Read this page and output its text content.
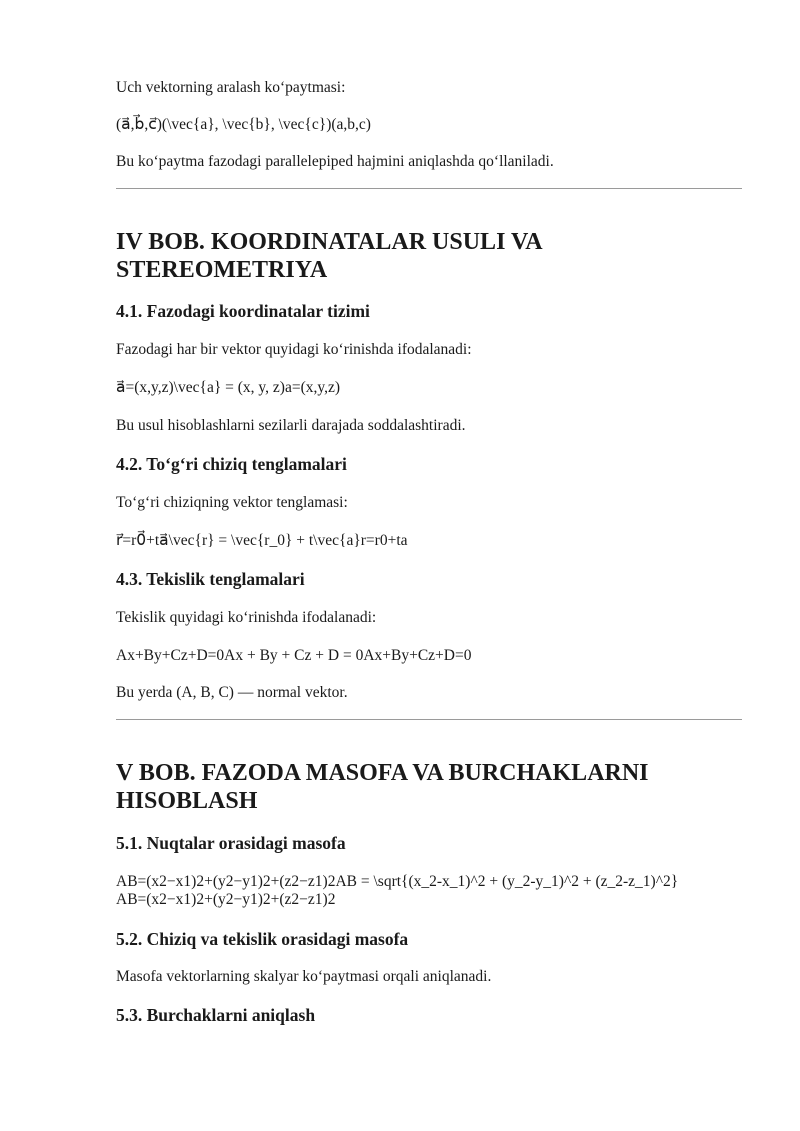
Uch vektorning aralash ko‘paytmasi:

(a⃗,b⃗,c⃗)(\vec{a}, \vec{b}, \vec{c})(a,b,c)

Bu ko‘paytma fazodagi parallelepiped hajmini aniqlashda qo‘llaniladi.

IV BOB. KOORDINATALAR USULI VA
STEREOMETRIYA
4.1. Fazodagi koordinatalar tizimi

Fazodagi har bir vektor quyidagi ko‘rinishda ifodalanadi:

a⃗=(x,y,z)\vec{a} = (x, y, z)a=(x,y,z)

Bu usul hisoblashlarni sezilarli darajada soddalashtiradi.

4.2. To‘g‘ri chiziq tenglamalari

To‘g‘ri chiziqning vektor tenglamasi:

r⃗=r0⃗+ta⃗\vec{r} = \vec{r_0} + t\vec{a}r=r0+ta

4.3. Tekislik tenglamalari

Tekislik quyidagi ko‘rinishda ifodalanadi:

Ax+By+Cz+D=0Ax + By + Cz + D = 0Ax+By+Cz+D=0

Bu yerda (A, B, C) — normal vektor.

V BOB. FAZODA MASOFA VA BURCHAKLARNI
HISOBLASH
5.1. Nuqtalar orasidagi masofa

AB=(x2−x1)2+(y2−y1)2+(z2−z1)2AB = \sqrt{(x_2-x_1)^2 + (y_2-y_1)^2 + (z_2-z_1)^2}

AB=(x2−x1)2+(y2−y1)2+(z2−z1)2

5.2. Chiziq va tekislik orasidagi masofa

Masofa vektorlarning skalyar ko‘paytmasi orqali aniqlanadi.

5.3. Burchaklarni aniqlash
